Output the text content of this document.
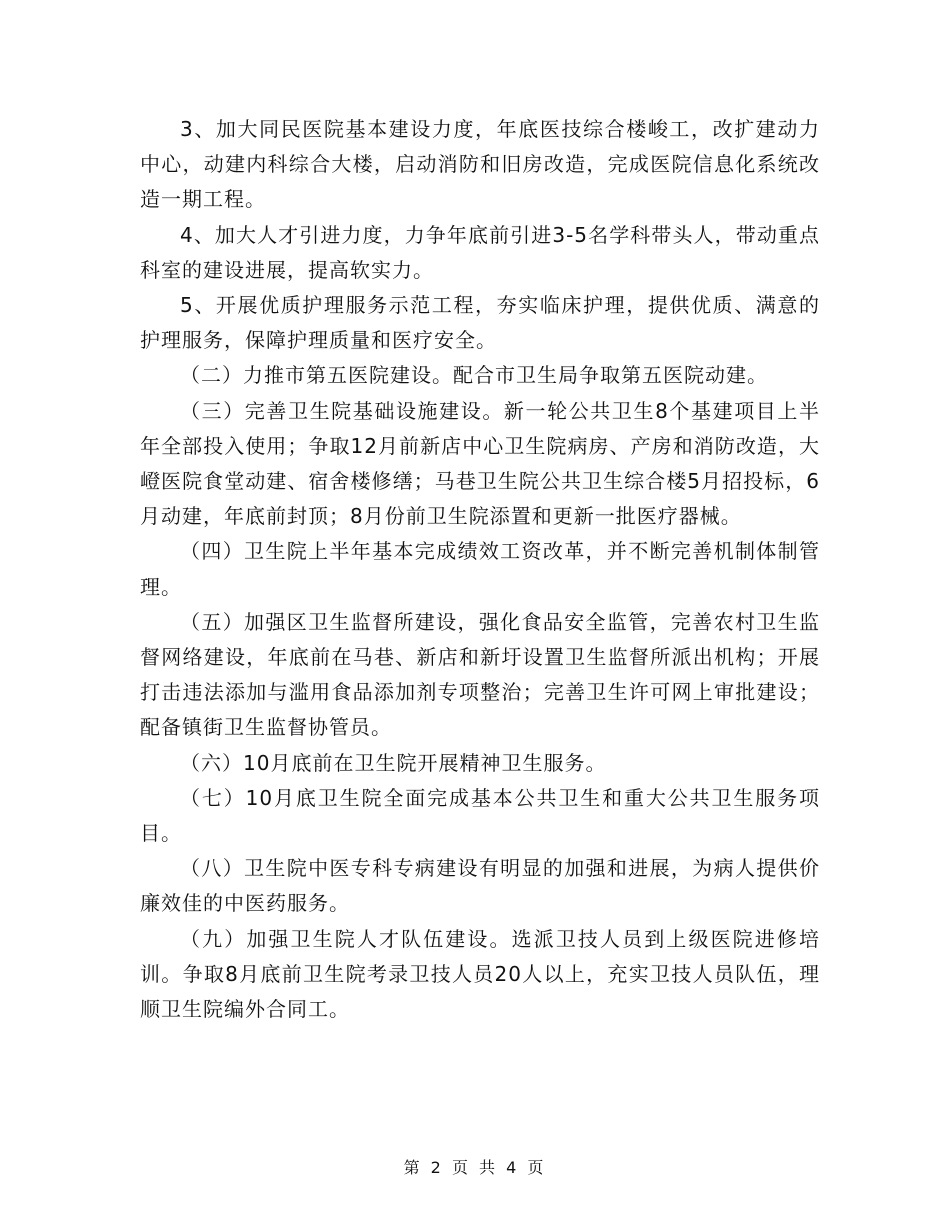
3、加大同民医院基本建设力度，年底医技综合楼峻工，改扩建动力中心，动建内科综合大楼，启动消防和旧房改造，完成医院信息化系统改造一期工程。

4、加大人才引进力度，力争年底前引进3-5名学科带头人，带动重点科室的建设进展，提高软实力。

5、开展优质护理服务示范工程，夯实临床护理，提供优质、满意的护理服务，保障护理质量和医疗安全。

（二）力推市第五医院建设。配合市卫生局争取第五医院动建。

（三）完善卫生院基础设施建设。新一轮公共卫生8个基建项目上半年全部投入使用；争取12月前新店中心卫生院病房、产房和消防改造，大嶝医院食堂动建、宿舍楼修缮；马巷卫生院公共卫生综合楼5月招投标，6月动建，年底前封顶；8月份前卫生院添置和更新一批医疗器械。

（四）卫生院上半年基本完成绩效工资改革，并不断完善机制体制管理。

（五）加强区卫生监督所建设，强化食品安全监管，完善农村卫生监督网络建设，年底前在马巷、新店和新圩设置卫生监督所派出机构；开展打击违法添加与滥用食品添加剂专项整治；完善卫生许可网上审批建设；配备镇街卫生监督协管员。

（六）10月底前在卫生院开展精神卫生服务。

（七）10月底卫生院全面完成基本公共卫生和重大公共卫生服务项目。

（八）卫生院中医专科专病建设有明显的加强和进展，为病人提供价廉效佳的中医药服务。

（九）加强卫生院人才队伍建设。选派卫技人员到上级医院进修培训。争取8月底前卫生院考录卫技人员20人以上，充实卫技人员队伍，理顺卫生院编外合同工。

第 2 页 共 4 页
